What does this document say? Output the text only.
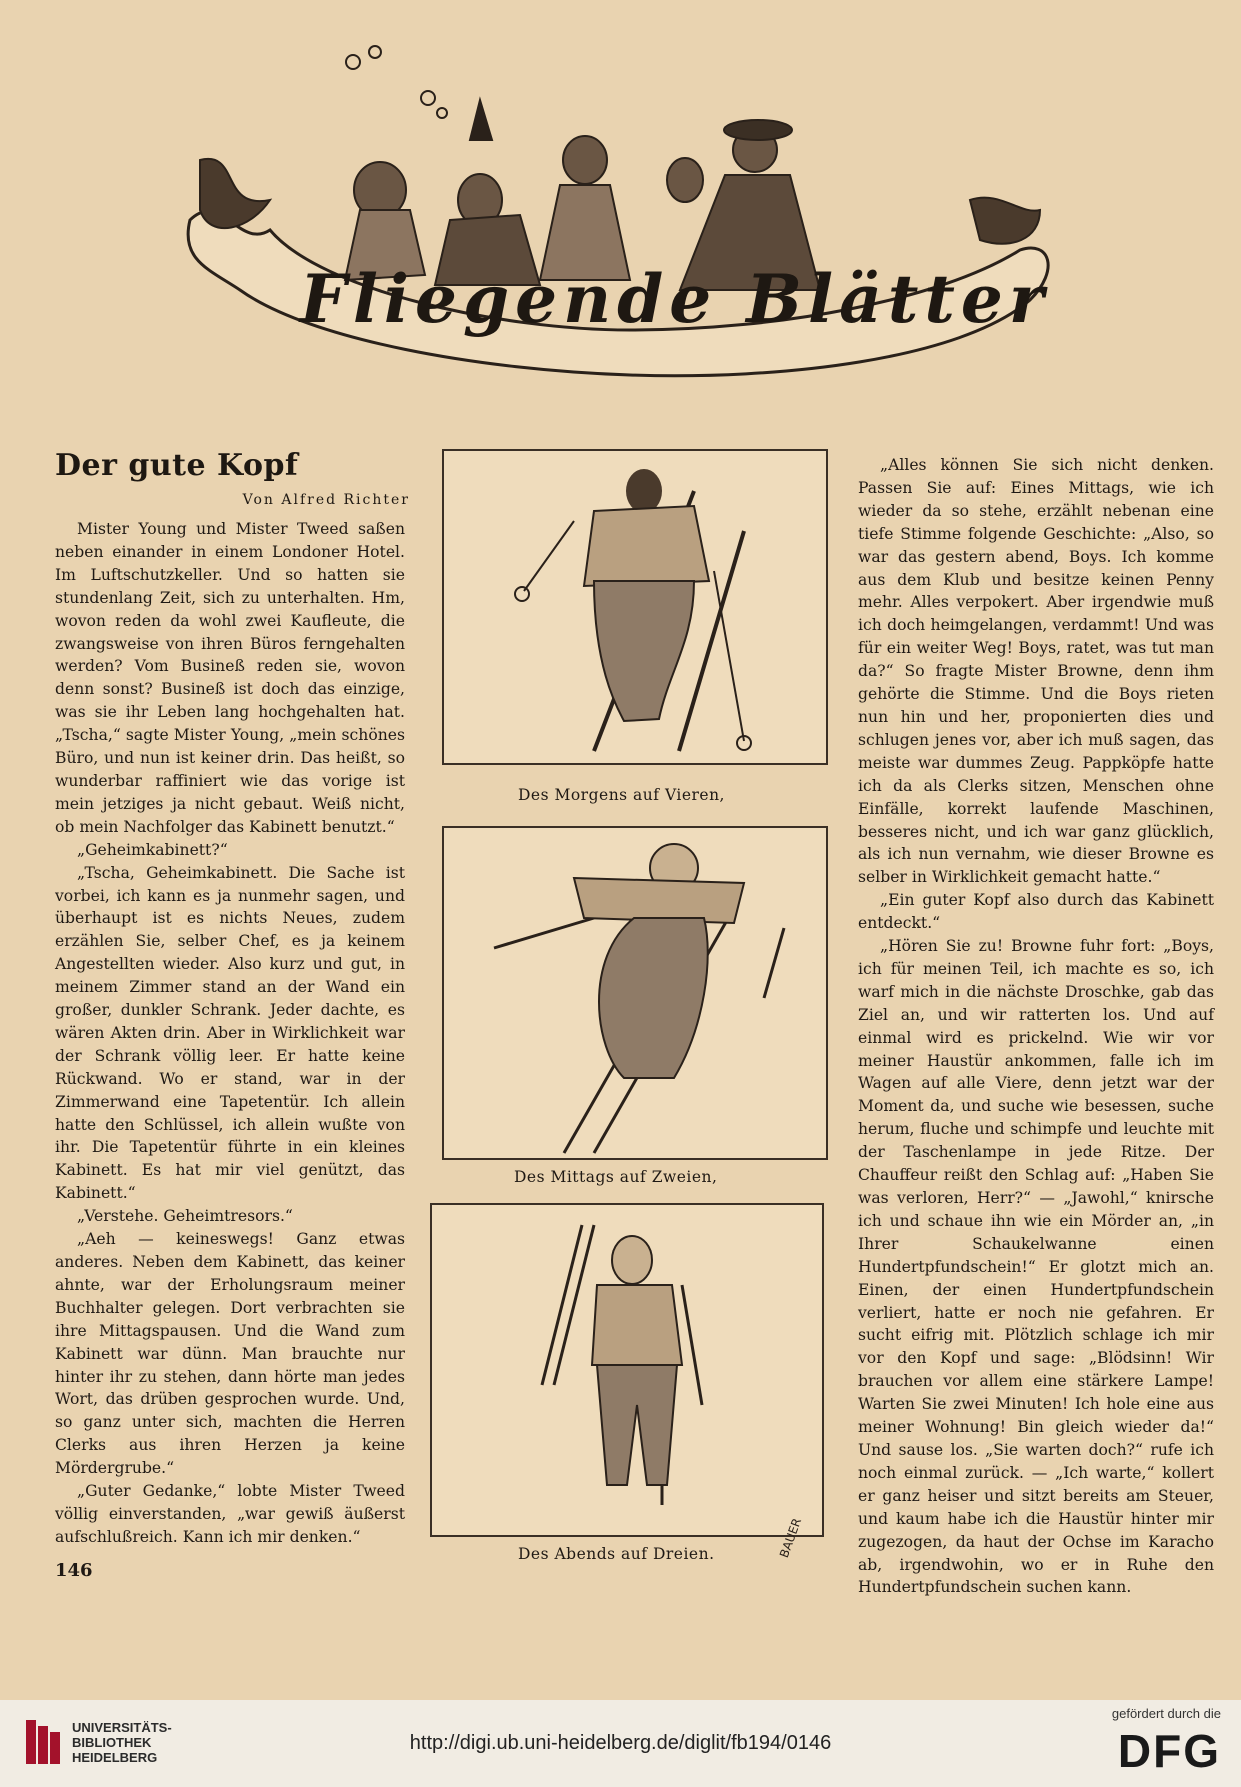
Fliegende Blätter
Der gute Kopf
Von Alfred Richter

Mister Young und Mister Tweed saßen neben einander in einem Londoner Hotel. Im Luftschutzkeller. Und so hatten sie stundenlang Zeit, sich zu unterhalten. Hm, wovon reden da wohl zwei Kaufleute, die zwangsweise von ihren Büros ferngehalten werden? Vom Busineß reden sie, wovon denn sonst? Busineß ist doch das einzige, was sie ihr Leben lang hochgehalten hat. „Tscha,“ sagte Mister Young, „mein schönes Büro, und nun ist keiner drin. Das heißt, so wunderbar raffiniert wie das vorige ist mein jetziges ja nicht gebaut. Weiß nicht, ob mein Nachfolger das Kabinett benutzt.“

„Geheimkabinett?“

„Tscha, Geheimkabinett. Die Sache ist vorbei, ich kann es ja nunmehr sagen, und überhaupt ist es nichts Neues, zudem erzählen Sie, selber Chef, es ja keinem Angestellten wieder. Also kurz und gut, in meinem Zimmer stand an der Wand ein großer, dunkler Schrank. Jeder dachte, es wären Akten drin. Aber in Wirklichkeit war der Schrank völlig leer. Er hatte keine Rückwand. Wo er stand, war in der Zimmerwand eine Tapetentür. Ich allein hatte den Schlüssel, ich allein wußte von ihr. Die Tapetentür führte in ein kleines Kabinett. Es hat mir viel genützt, das Kabinett.“

„Verstehe. Geheimtresors.“

„Aeh — keineswegs! Ganz etwas anderes. Neben dem Kabinett, das keiner ahnte, war der Erholungsraum meiner Buchhalter gelegen. Dort verbrachten sie ihre Mittagspausen. Und die Wand zum Kabinett war dünn. Man brauchte nur hinter ihr zu stehen, dann hörte man jedes Wort, das drüben gesprochen wurde. Und, so ganz unter sich, machten die Herren Clerks aus ihren Herzen ja keine Mördergrube.“

„Guter Gedanke,“ lobte Mister Tweed völlig einverstanden, „war gewiß äußerst aufschlußreich. Kann ich mir denken.“

„Alles können Sie sich nicht denken. Passen Sie auf: Eines Mittags, wie ich wieder da so stehe, erzählt nebenan eine tiefe Stimme folgende Geschichte: „Also, so war das gestern abend, Boys. Ich komme aus dem Klub und besitze keinen Penny mehr. Alles verpokert. Aber irgendwie muß ich doch heimgelangen, verdammt! Und was für ein weiter Weg! Boys, ratet, was tut man da?“ So fragte Mister Browne, denn ihm gehörte die Stimme. Und die Boys rieten nun hin und her, proponierten dies und schlugen jenes vor, aber ich muß sagen, das meiste war dummes Zeug. Pappköpfe hatte ich da als Clerks sitzen, Menschen ohne Einfälle, korrekt laufende Maschinen, besseres nicht, und ich war ganz glücklich, als ich nun vernahm, wie dieser Browne es selber in Wirklichkeit gemacht hatte.“

„Ein guter Kopf also durch das Kabinett entdeckt.“

„Hören Sie zu! Browne fuhr fort: „Boys, ich für meinen Teil, ich machte es so, ich warf mich in die nächste Droschke, gab das Ziel an, und wir ratterten los. Und auf einmal wird es prickelnd. Wie wir vor meiner Haustür ankommen, falle ich im Wagen auf alle Viere, denn jetzt war der Moment da, und suche wie besessen, suche herum, fluche und schimpfe und leuchte mit der Taschenlampe in jede Ritze. Der Chauffeur reißt den Schlag auf: „Haben Sie was verloren, Herr?“ — „Jawohl,“ knirsche ich und schaue ihn wie ein Mörder an, „in Ihrer Schaukelwanne einen Hundertpfundschein!“ Er glotzt mich an. Einen, der einen Hundertpfundschein verliert, hatte er noch nie gefahren. Er sucht eifrig mit. Plötzlich schlage ich mir vor den Kopf und sage: „Blödsinn! Wir brauchen vor allem eine stärkere Lampe! Warten Sie zwei Minuten! Ich hole eine aus meiner Wohnung! Bin gleich wieder da!“ Und sause los. „Sie warten doch?“ rufe ich noch einmal zurück. — „Ich warte,“ kollert er ganz heiser und sitzt bereits am Steuer, und kaum habe ich die Haustür hinter mir zugezogen, da haut der Ochse im Karacho ab, irgendwohin, wo er in Ruhe den Hundertpfundschein suchen kann.

146
Des Morgens auf Vieren,
Des Mittags auf Zweien,
BAUER
Des Abends auf Dreien.
UNIVERSITÄTS-
BIBLIOTHEK
HEIDELBERG
http://digi.ub.uni-heidelberg.de/diglit/fb194/0146
gefördert durch die
DFG
